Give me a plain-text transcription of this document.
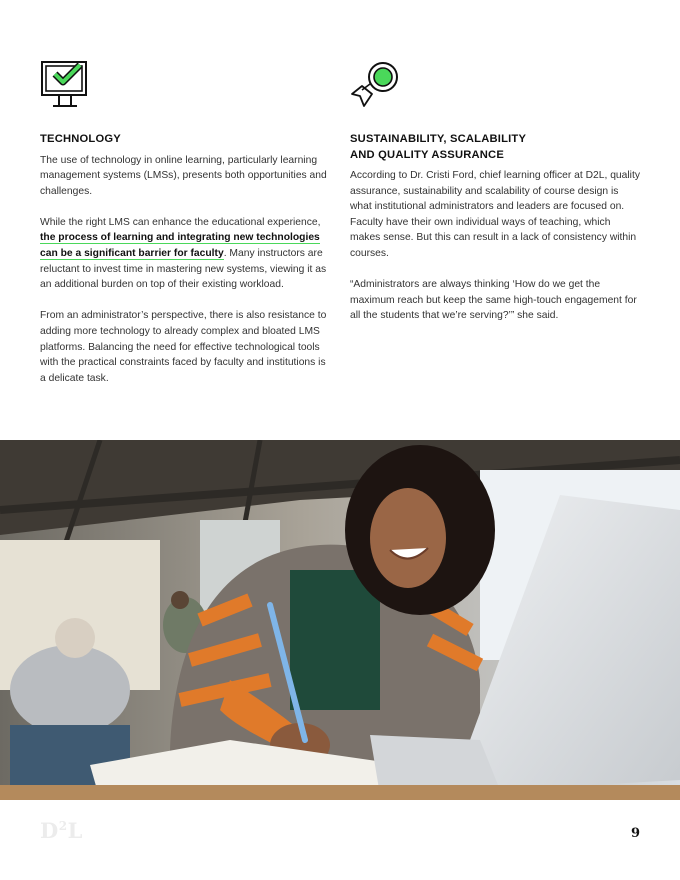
TECHNOLOGY

The use of technology in online learning, particularly learning management systems (LMSs), presents both opportunities and challenges.

While the right LMS can enhance the educational experience, the process of learning and integrating new technologies can be a significant barrier for faculty. Many instructors are reluctant to invest time in mastering new systems, viewing it as an additional burden on top of their existing workload.

From an administrator’s perspective, there is also resistance to adding more technology to already complex and bloated LMS platforms. Balancing the need for effective technological tools with the practical constraints faced by faculty and institutions is a delicate task.

SUSTAINABILITY, SCALABILITY
AND QUALITY ASSURANCE

According to Dr. Cristi Ford, chief learning officer at D2L, quality assurance, sustainability and scalability of course design is what institutional administrators and leaders are focused on. Faculty have their own individual ways of teaching, which makes sense. But this can result in a lack of consistency within courses.

“Administrators are always thinking ‘How do we get the maximum reach but keep the same high-touch engagement for all the students that we’re serving?’” she said.

$D^2L$	9
